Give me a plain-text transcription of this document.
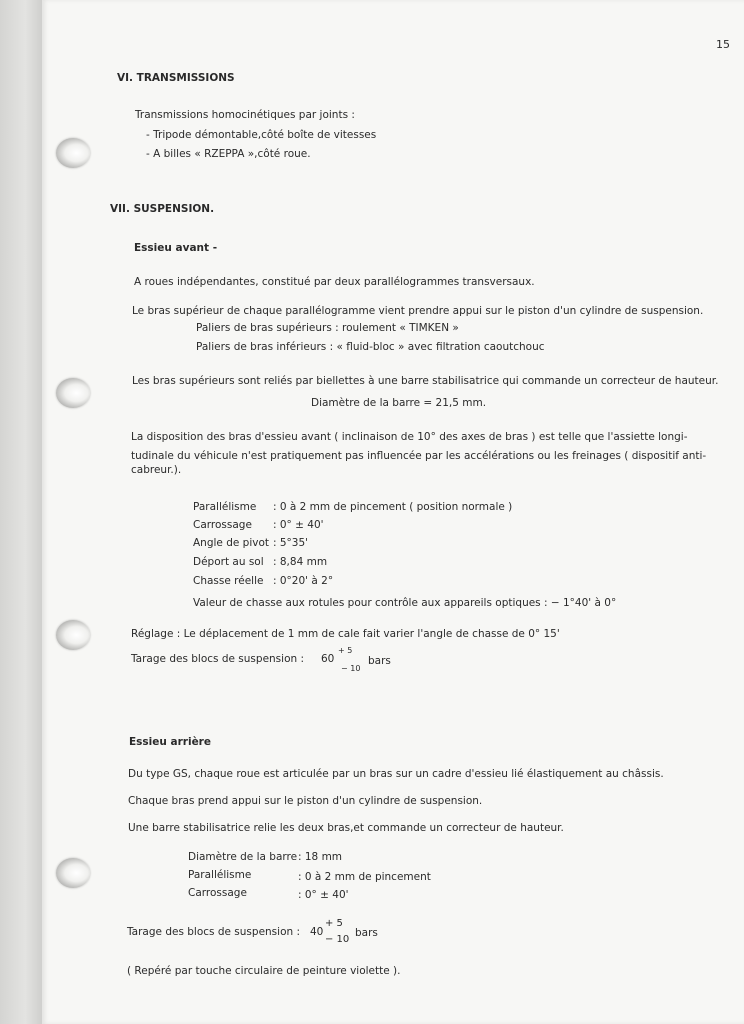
15
VI. TRANSMISSIONS
Transmissions homocinétiques par joints :
- Tripode démontable,côté boîte de vitesses
- A billes « RZEPPA »,côté roue.
VII. SUSPENSION.
Essieu avant -
A roues indépendantes, constitué par deux parallélogrammes transversaux.
Le bras supérieur de chaque parallélogramme vient prendre appui sur le piston d'un cylindre de suspension.
Paliers de bras supérieurs : roulement « TIMKEN »
Paliers de bras inférieurs : « fluid-bloc » avec filtration caoutchouc
Les bras supérieurs sont reliés par biellettes à une barre stabilisatrice qui commande un correcteur de hauteur.
Diamètre de la barre = 21,5 mm.
La disposition des bras d'essieu avant ( inclinaison de 10° des axes de bras ) est telle que l'assiette longi-
tudinale du véhicule n'est pratiquement pas influencée par les accélérations ou les freinages ( dispositif anti-
cabreur.).
Parallélisme : 0 à 2 mm de pincement ( position normale )
Carrossage : 0° ± 40'
Angle de pivot : 5°35'
Déport au sol : 8,84 mm
Chasse réelle : 0°20' à 2°
Valeur de chasse aux rotules pour contrôle aux appareils optiques : − 1°40' à 0°
Réglage : Le déplacement de 1 mm de cale fait varier l'angle de chasse de 0° 15'
Tarage des blocs de suspension : 60
+ 5
− 10
bars
Essieu arrière
Du type GS, chaque roue est articulée par un bras sur un cadre d'essieu lié élastiquement au châssis.
Chaque bras prend appui sur le piston d'un cylindre de suspension.
Une barre stabilisatrice relie les deux bras,et commande un correcteur de hauteur.
Diamètre de la barre : 18 mm
Parallélisme	: 0 à 2 mm de pincement
Carrossage	: 0° ± 40'
Tarage des blocs de suspension : 40
+ 5
− 10
bars
( Repéré par touche circulaire de peinture violette ).
